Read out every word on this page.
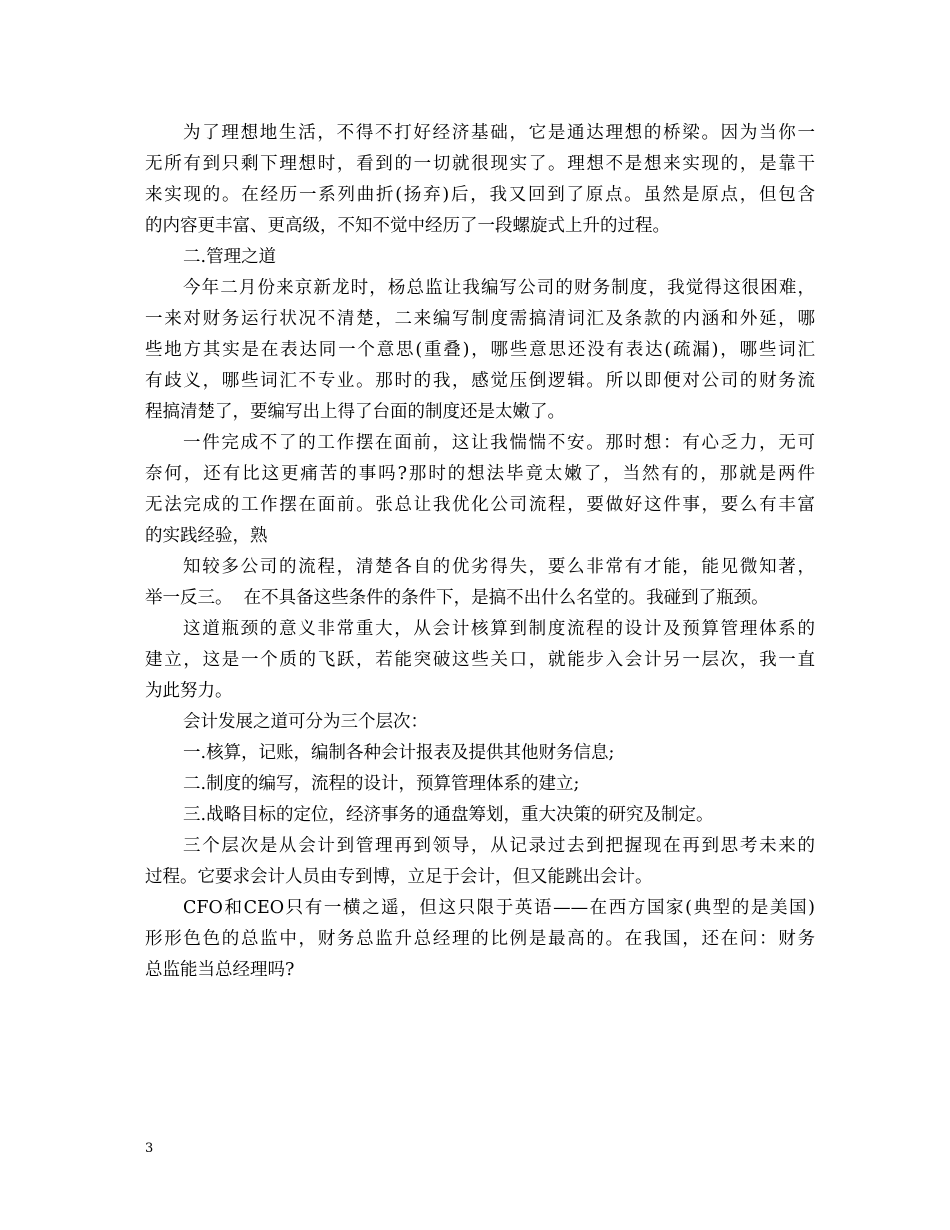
为了理想地生活，不得不打好经济基础，它是通达理想的桥梁。因为当你一
无所有到只剩下理想时，看到的一切就很现实了。理想不是想来实现的，是靠干
来实现的。在经历一系列曲折(扬弃)后，我又回到了原点。虽然是原点，但包含
的内容更丰富、更高级，不知不觉中经历了一段螺旋式上升的过程。
二.管理之道
今年二月份来京新龙时，杨总监让我编写公司的财务制度，我觉得这很困难，
一来对财务运行状况不清楚，二来编写制度需搞清词汇及条款的内涵和外延，哪
些地方其实是在表达同一个意思(重叠)，哪些意思还没有表达(疏漏)，哪些词汇
有歧义，哪些词汇不专业。那时的我，感觉压倒逻辑。所以即便对公司的财务流
程搞清楚了，要编写出上得了台面的制度还是太嫩了。
一件完成不了的工作摆在面前，这让我惴惴不安。那时想：有心乏力，无可
奈何，还有比这更痛苦的事吗?那时的想法毕竟太嫩了，当然有的，那就是两件
无法完成的工作摆在面前。张总让我优化公司流程，要做好这件事，要么有丰富
的实践经验，熟
知较多公司的流程，清楚各自的优劣得失，要么非常有才能，能见微知著，
举一反三。  在不具备这些条件的条件下，是搞不出什么名堂的。我碰到了瓶颈。
这道瓶颈的意义非常重大，从会计核算到制度流程的设计及预算管理体系的
建立，这是一个质的飞跃，若能突破这些关口，就能步入会计另一层次，我一直
为此努力。
会计发展之道可分为三个层次：
一.核算，记账，编制各种会计报表及提供其他财务信息;
二.制度的编写，流程的设计，预算管理体系的建立;
三.战略目标的定位，经济事务的通盘筹划，重大决策的研究及制定。
三个层次是从会计到管理再到领导，从记录过去到把握现在再到思考未来的
过程。它要求会计人员由专到博，立足于会计，但又能跳出会计。
CFO和CEO只有一横之遥，但这只限于英语——在西方国家(典型的是美国)
形形色色的总监中，财务总监升总经理的比例是最高的。在我国，还在问：财务
总监能当总经理吗?
3
